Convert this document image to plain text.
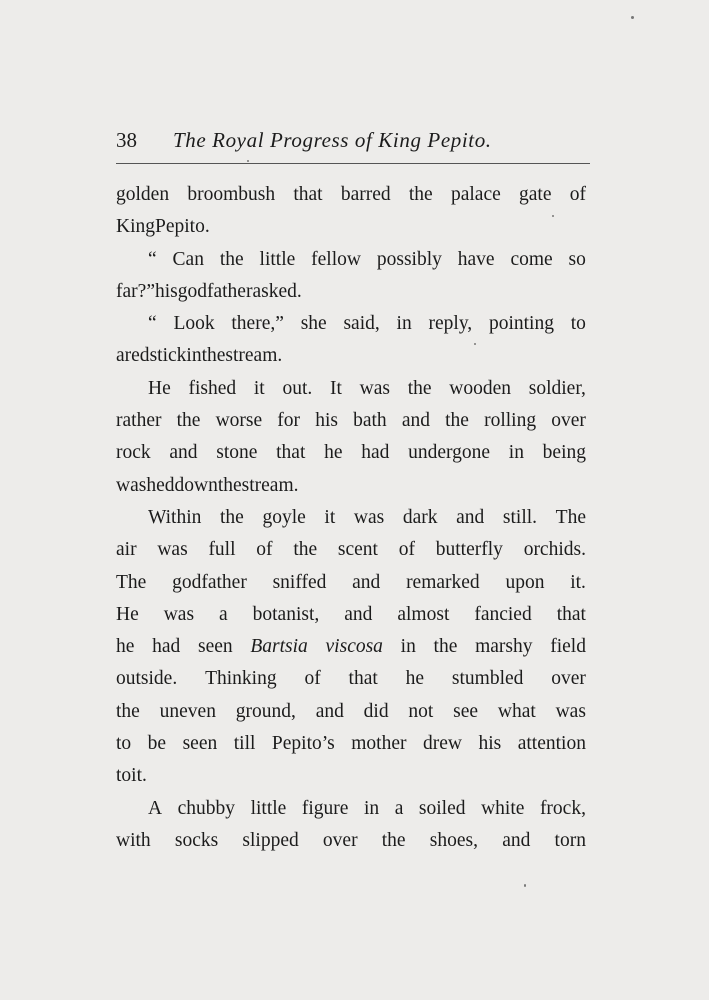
38 The Royal Progress of King Pepito.
golden broombush that barred the palace gate of
King Pepito.
“ Can the little fellow possibly have come so
far ? ” his godfather asked.
“ Look there,” she said, in reply, pointing to
a red stick in the stream.
He fished it out. It was the wooden soldier,
rather the worse for his bath and the rolling over
rock and stone that he had undergone in being
washed down the stream.
Within the goyle it was dark and still. The
air was full of the scent of butterfly orchids.
The godfather sniffed and remarked upon it.
He was a botanist, and almost fancied that
he had seen Bartsia viscosa in the marshy field
outside. Thinking of that he stumbled over
the uneven ground, and did not see what was
to be seen till Pepito’s mother drew his attention
to it.
A chubby little figure in a soiled white frock,
with socks slipped over the shoes, and torn
